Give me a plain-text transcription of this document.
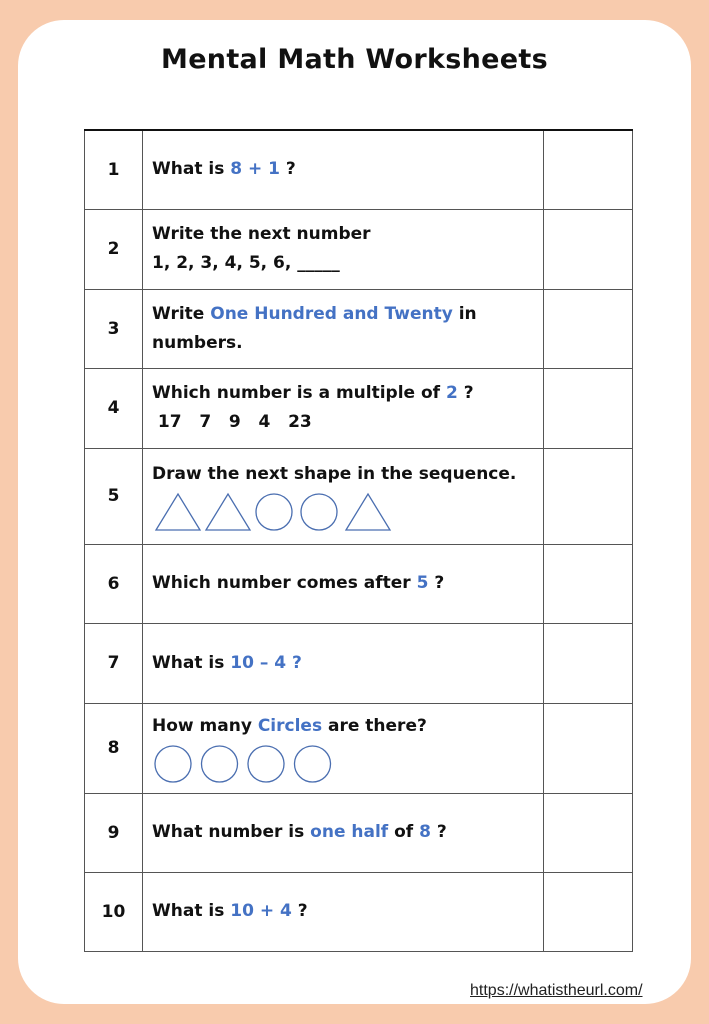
Mental Math Worksheets
1	What is 8 + 1 ?	

2	Write the next number
1, 2, 3, 4, 5, 6, _____	

3	Write One Hundred and Twenty in numbers.	

4	Which number is a multiple of 2 ?
17   7   9   4   23	

5	Draw the next shape in the sequence.	

6	Which number comes after 5 ?	

7	What is 10 – 4 ?	

8	How many Circles are there?	

9	What number is one half of 8 ?	

10	What is 10 + 4 ?	

https://whatistheurl.com/
